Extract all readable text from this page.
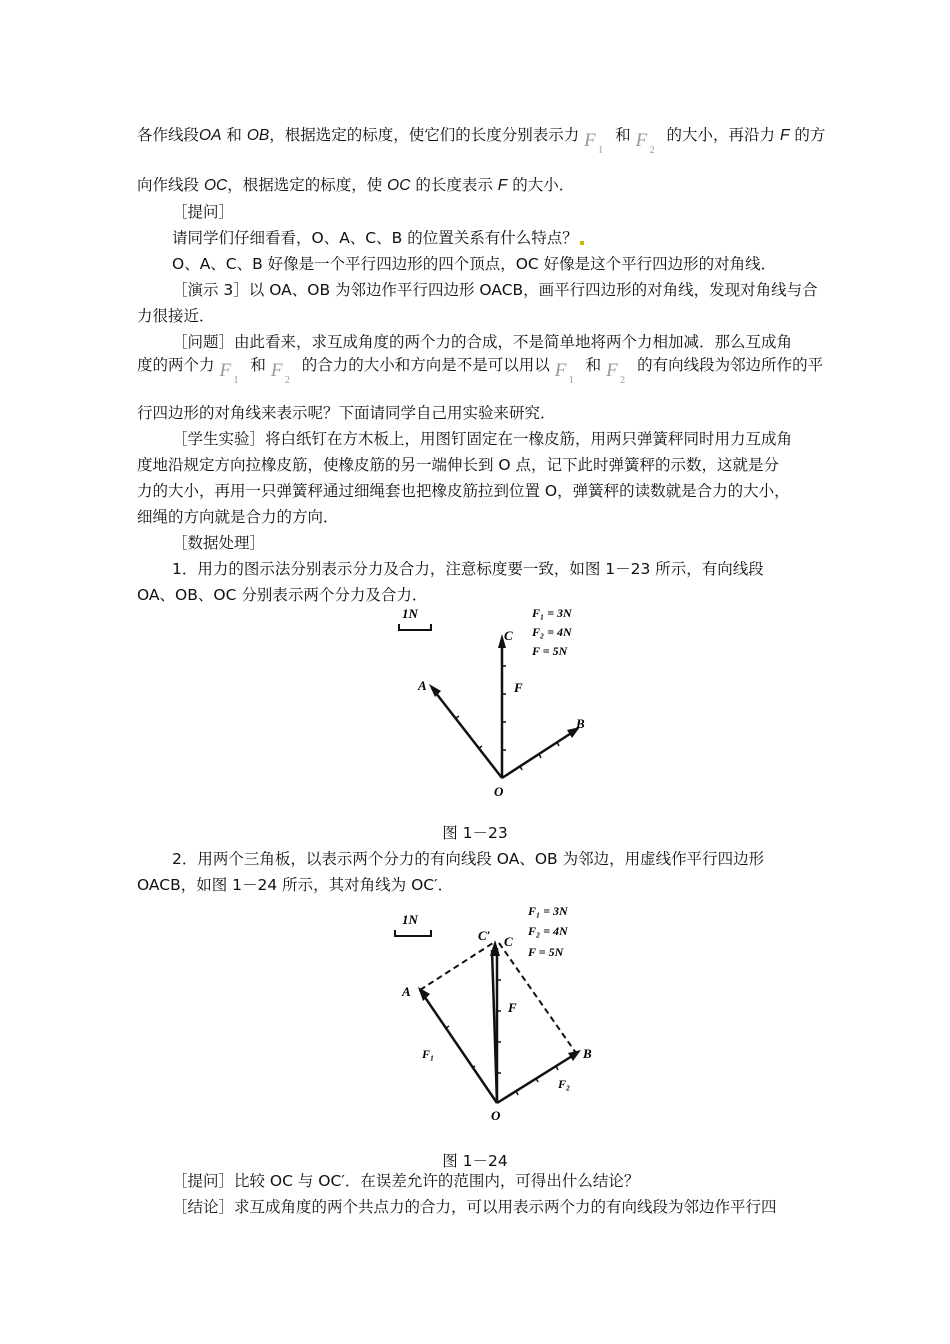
各作线段OA 和 OB，根据选定的标度，使它们的长度分别表示力 F 1
和 F 2
的大小，再沿力 F 的方
向作线段 OC，根据选定的标度，使 OC 的长度表示 F 的大小．
［提问］
请同学们仔细看看，O、A、C、B 的位置关系有什么特点？
O、A、C、B 好像是一个平行四边形的四个顶点，OC 好像是这个平行四边形的对角线．
［演示 3］以 OA、OB 为邻边作平行四边形 OACB，画平行四边形的对角线，发现对角线与合
力很接近．
［问题］由此看来，求互成角度的两个力的合成，不是简单地将两个力相加减．那么互成角
度的两个力 F 1
和 F 2
的合力的大小和方向是不是可以用以 F 1
和 F 2
的有向线段为邻边所作的平
行四边形的对角线来表示呢？下面请同学自己用实验来研究．
［学生实验］将白纸钉在方木板上，用图钉固定在一橡皮筋，用两只弹簧秤同时用力互成角
度地沿规定方向拉橡皮筋，使橡皮筋的另一端伸长到 O 点，记下此时弹簧秤的示数，这就是分
力的大小，再用一只弹簧秤通过细绳套也把橡皮筋拉到位置 O，弹簧秤的读数就是合力的大小，
细绳的方向就是合力的方向．
［数据处理］
1．用力的图示法分别表示分力及合力，注意标度要一致，如图 1－23 所示，有向线段
OA、OB、OC 分别表示两个分力及合力．
1N	F₁ = 3N
F₂ = 4N
F = 5N
O
C
A
B
F
图 1－23
2．用两个三角板，以表示两个分力的有向线段 OA、OB 为邻边，用虚线作平行四边形
OACB，如图 1－24 所示，其对角线为 OC′．
1N
F₁ = 3N
F₂ = 4N
F = 5N
O
C′ C
A
B
F
F₁
F₂
图 1－24
［提问］比较 OC 与 OC′．在误差允许的范围内，可得出什么结论？
［结论］求互成角度的两个共点力的合力，可以用表示两个力的有向线段为邻边作平行四
